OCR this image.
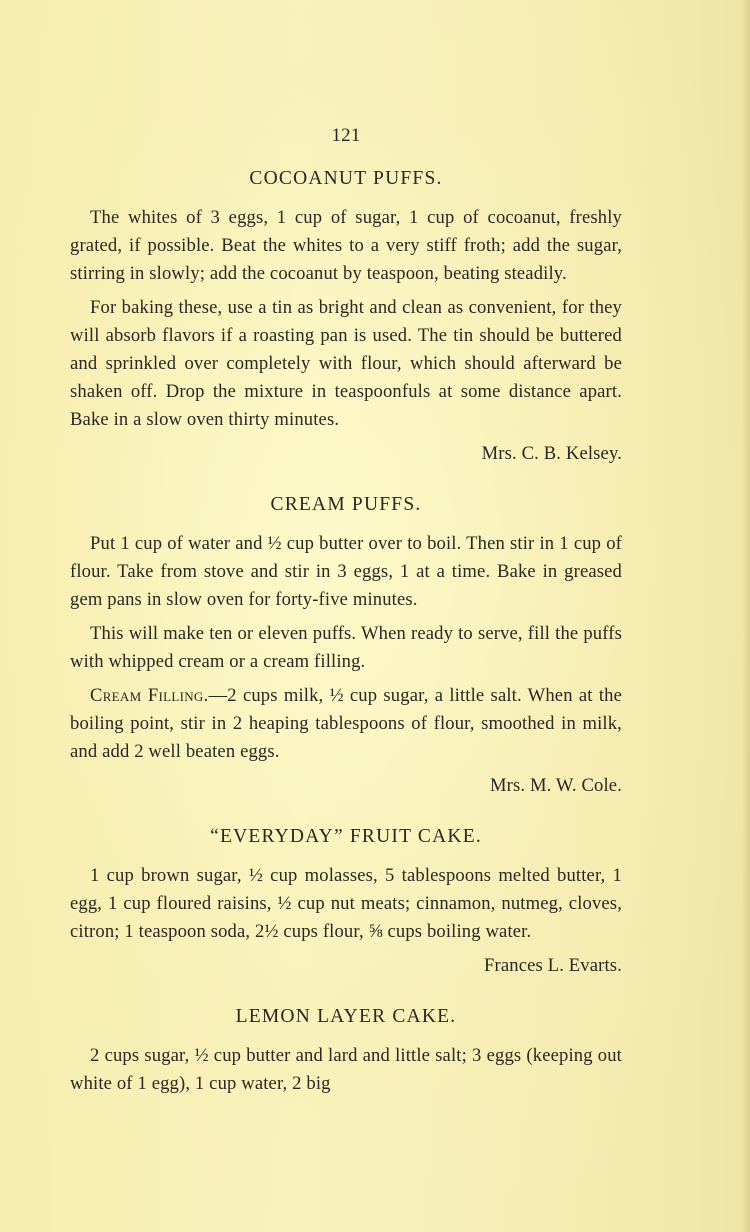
121
COCOANUT PUFFS.

The whites of 3 eggs, 1 cup of sugar, 1 cup of cocoanut, freshly grated, if possible. Beat the whites to a very stiff froth; add the sugar, stirring in slowly; add the cocoanut by teaspoon, beating steadily.

For baking these, use a tin as bright and clean as convenient, for they will absorb flavors if a roasting pan is used. The tin should be buttered and sprinkled over completely with flour, which should afterward be shaken off. Drop the mixture in teaspoonfuls at some distance apart. Bake in a slow oven thirty minutes.

Mrs. C. B. Kelsey.

CREAM PUFFS.

Put 1 cup of water and ½ cup butter over to boil. Then stir in 1 cup of flour. Take from stove and stir in 3 eggs, 1 at a time. Bake in greased gem pans in slow oven for forty-five minutes.

This will make ten or eleven puffs. When ready to serve, fill the puffs with whipped cream or a cream filling.

Cream Filling.—2 cups milk, ½ cup sugar, a little salt. When at the boiling point, stir in 2 heaping tablespoons of flour, smoothed in milk, and add 2 well beaten eggs.

Mrs. M. W. Cole.

“EVERYDAY” FRUIT CAKE.

1 cup brown sugar, ½ cup molasses, 5 tablespoons melted butter, 1 egg, 1 cup floured raisins, ½ cup nut meats; cinnamon, nutmeg, cloves, citron; 1 teaspoon soda, 2½ cups flour, ⅝ cups boiling water.

Frances L. Evarts.

LEMON LAYER CAKE.

2 cups sugar, ½ cup butter and lard and little salt; 3 eggs (keeping out white of 1 egg), 1 cup water, 2 big
